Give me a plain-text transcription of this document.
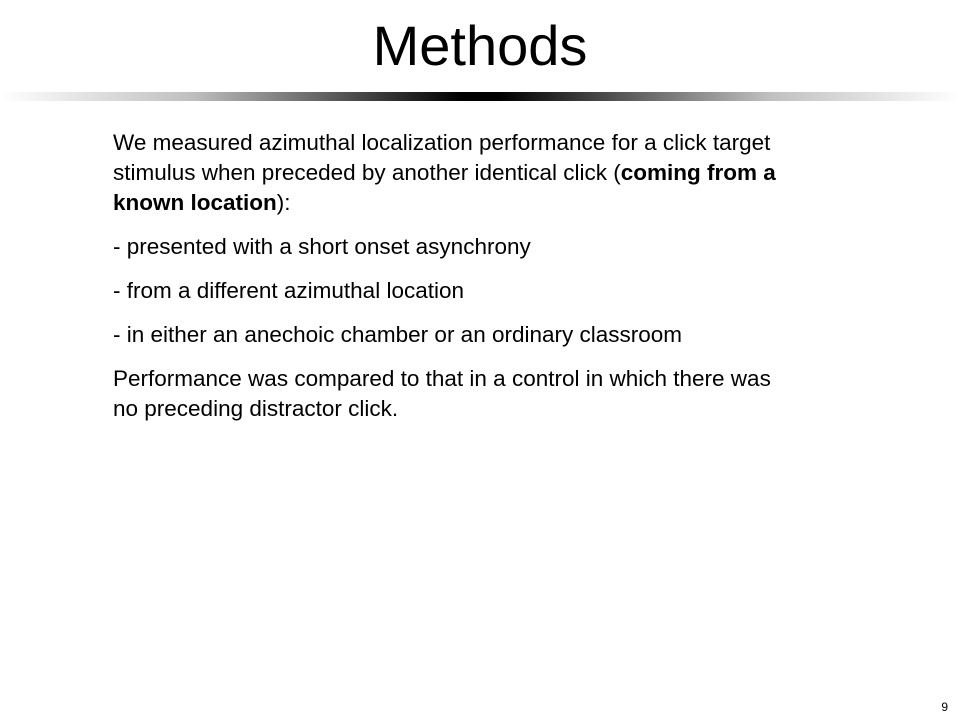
Methods

We measured azimuthal localization performance for a click target stimulus when preceded by another identical click (coming from a known location):

- presented with a short onset asynchrony

- from a different azimuthal location

- in either an anechoic chamber or an ordinary classroom

Performance was compared to that in a control in which there was no preceding distractor click.

9
